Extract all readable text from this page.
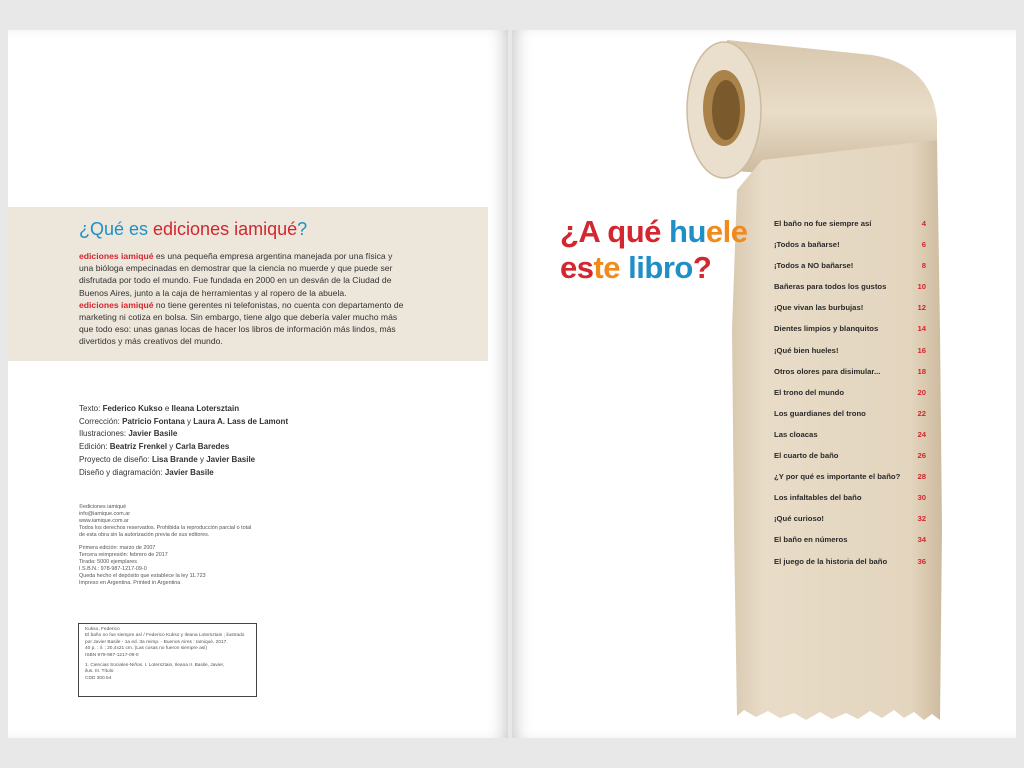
¿Qué es ediciones iamiqué?

ediciones iamiqué es una pequeña empresa argentina manejada por una física y una bióloga empecinadas en demostrar que la ciencia no muerde y que puede ser disfrutada por todo el mundo. Fue fundada en 2000 en un desván de la Ciudad de Buenos Aires, junto a la caja de herramientas y al ropero de la abuela.

ediciones iamiqué no tiene gerentes ni telefonistas, no cuenta con departamento de marketing ni cotiza en bolsa. Sin embargo, tiene algo que debería valer mucho más que todo eso: unas ganas locas de hacer los libros de información más lindos, más divertidos y más creativos del mundo.

Texto: Federico Kukso e Ileana Lotersztain
Corrección: Patricio Fontana y Laura A. Lass de Lamont
Ilustraciones: Javier Basile
Edición: Beatriz Frenkel y Carla Baredes
Proyecto de diseño: Lisa Brande y Javier Basile
Diseño y diagramación: Javier Basile

©ediciones iamiqué

info@iamique.com.ar

www.iamique.com.ar

Todos los derechos reservados. Prohibida la reproducción parcial o total

de esta obra sin la autorización previa de sus editores.

Primera edición: marzo de 2007

Tercera reimpresión: febrero de 2017

Tirada: 5000 ejemplares

I.S.B.N.: 978-987-1217-09-0

Queda hecho el depósito que establece la ley 11.723

Impreso en Argentina. Printed in Argentina

Kukso, Federico

El baño no fue siempre así / Federico Kukso y Ileana Lotersztain ; ilustrado

por Javier Basile - 1a ed. 3a reimp. - Buenos Aires : Iamiqué, 2017.

40 p. : il. ; 20,4x21 cm. (Las cosas no fueron siempre así)

ISBN 978-987-1217-09-0

1. Ciencias Sociales-Niños. I. Lotersztain, Ileana II. Basile, Javier,

ilus. III. Título

CDD 300.54

¿A qué huele
este libro?
El baño no fue siempre así	4
¡Todos a bañarse!	6
¡Todos a NO bañarse!	8
Bañeras para todos los gustos	10
¡Que vivan las burbujas!	12
Dientes limpios y blanquitos	14
¡Qué bien hueles!	16
Otros olores para disimular...	18
El trono del mundo	20
Los guardianes del trono	22
Las cloacas	24
El cuarto de baño	26
¿Y por qué es importante el baño? 28
Los infaltables del baño	30
¡Qué curioso!	32
El baño en números	34
El juego de la historia del baño	36
